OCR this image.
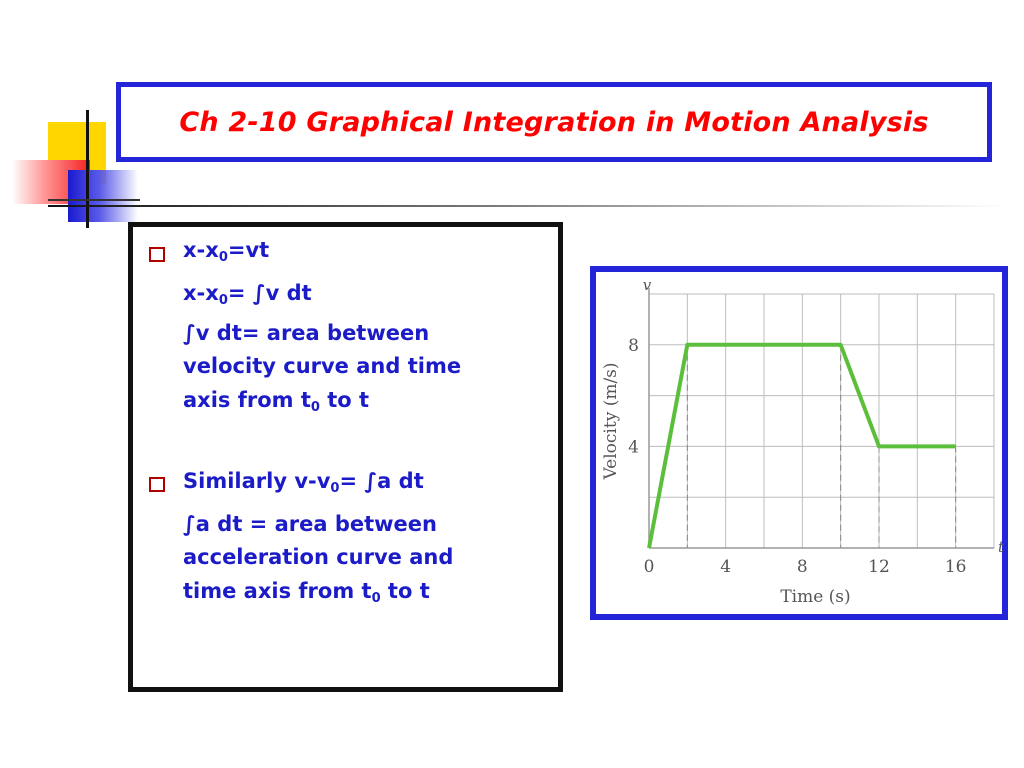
Ch 2-10 Graphical Integration in Motion Analysis
$x-x_0=vt$
$x-x_0= \int v$ dt
∫v dt= area between
velocity curve and time
axis from $t_0$ to t
Similarly $v-v_0= \int a$ dt
∫a dt = area between
acceleration curve and
time axis from $t_0$ to t
0	4	8	12	16
4
8
Time (s)
Velocity (m/s)
v
t
